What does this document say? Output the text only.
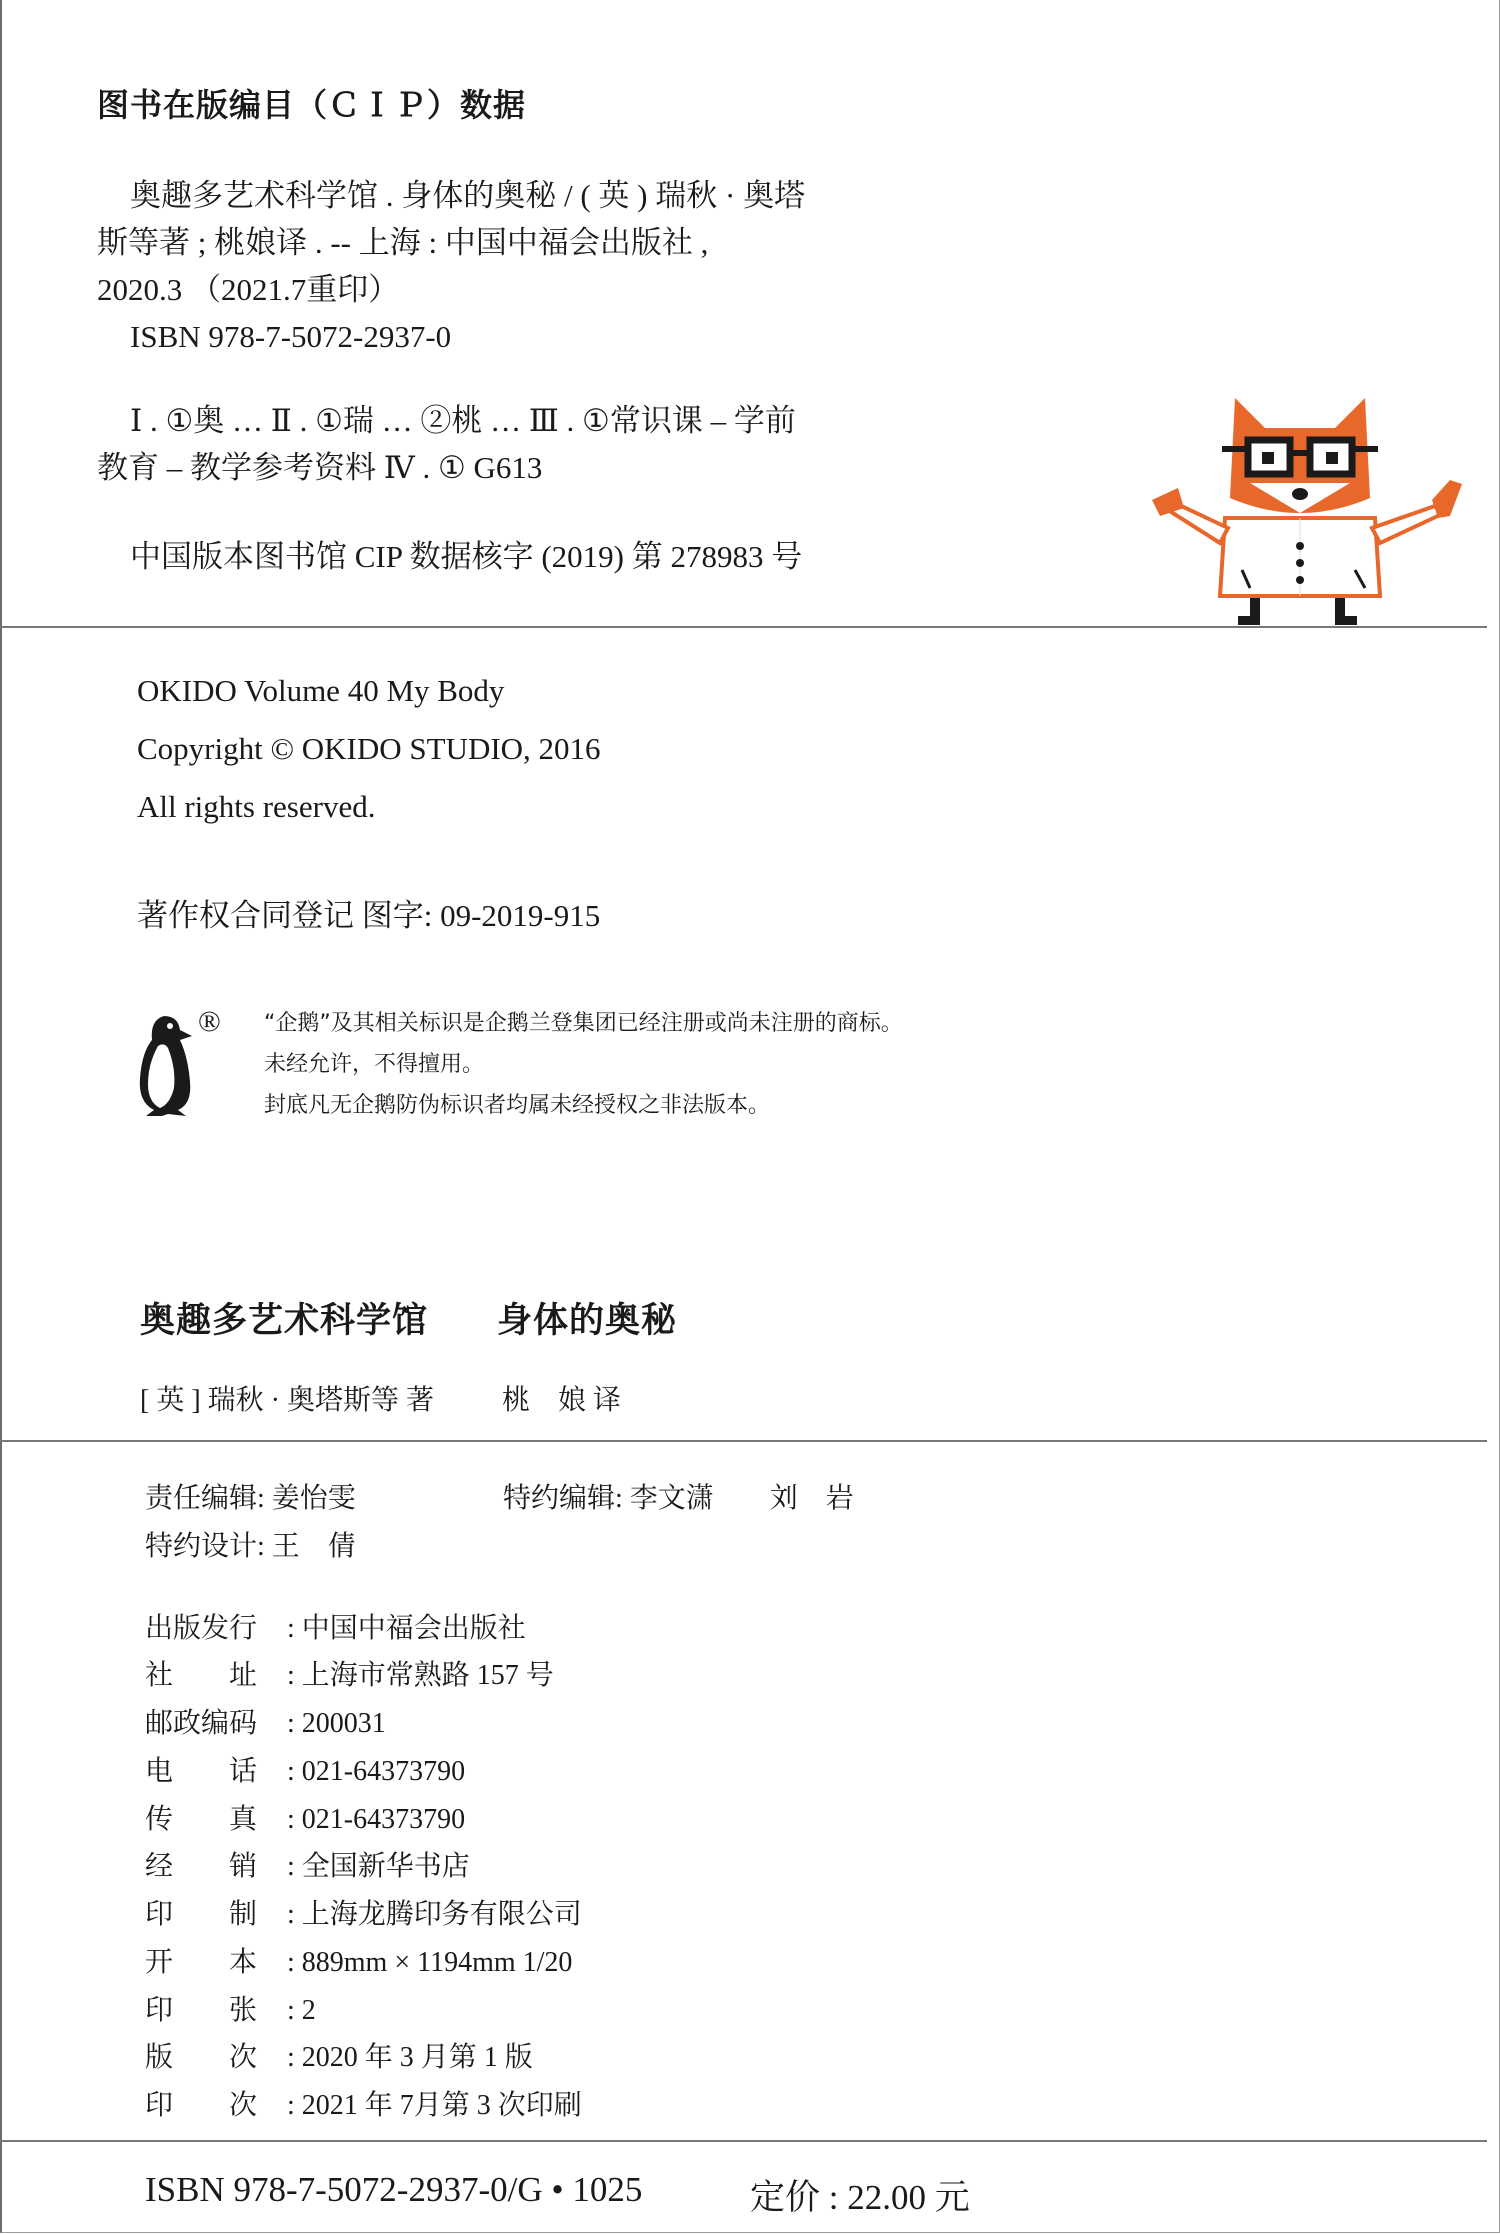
图书在版编目（ＣＩＰ）数据
奥趣多艺术科学馆 . 身体的奥秘 / ( 英 ) 瑞秋 · 奥塔
斯等著 ; 桃娘译 . -- 上海 : 中国中福会出版社 ,
2020.3 （2021.7重印）
ISBN 978-7-5072-2937-0
Ⅰ . ①奥 … Ⅱ . ①瑞 … ②桃 … Ⅲ . ①常识课 – 学前
教育 – 教学参考资料 Ⅳ . ① G613
中国版本图书馆 CIP 数据核字 (2019) 第 278983 号
OKIDO Volume 40 My Body
Copyright © OKIDO STUDIO, 2016
All rights reserved.
著作权合同登记 图字: 09-2019-915
® “企鹅”及其相关标识是企鹅兰登集团已经注册或尚未注册的商标。
未经允许，不得擅用。
封底凡无企鹅防伪标识者均属未经授权之非法版本。
奥趣多艺术科学馆 身体的奥秘
[ 英 ] 瑞秋 · 奥塔斯等 著 桃　娘 译
责任编辑: 姜怡雯	特约编辑: 李文潇　　刘　岩
特约设计: 王　倩
出版发行 : 中国中福会出版社
社　　址 : 上海市常熟路 157 号
邮政编码 : 200031
电　　话 : 021-64373790
传　　真 : 021-64373790
经　　销 : 全国新华书店
印　　制 : 上海龙腾印务有限公司
开　　本 : 889mm × 1194mm 1/20
印　　张 : 2
版　　次 : 2020 年 3 月第 1 版
印　　次 : 2021 年 7月第 3 次印刷
ISBN 978-7-5072-2937-0/G • 1025	定价 : 22.00 元
